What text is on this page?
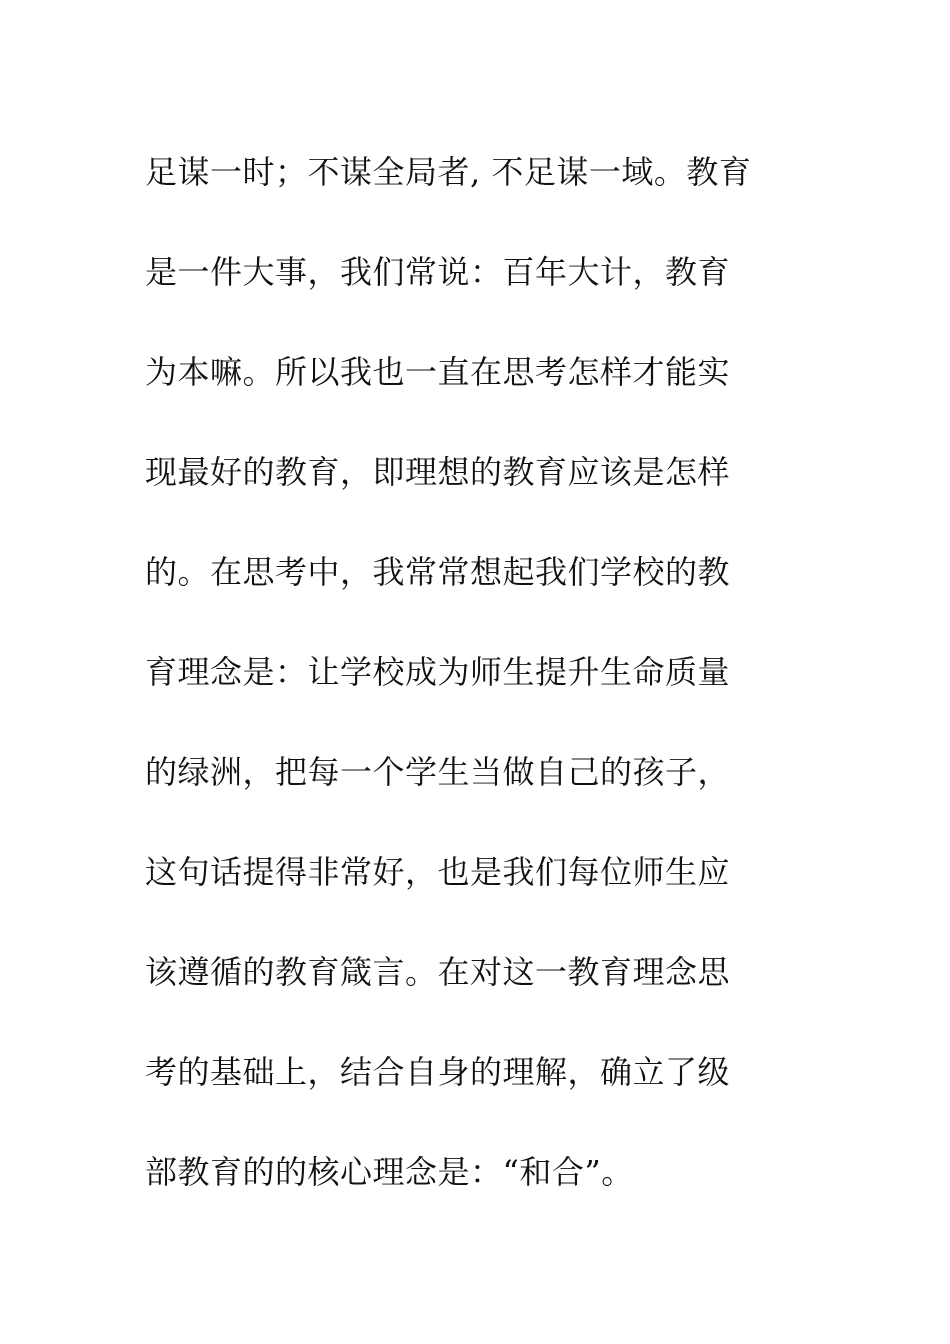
足谋一时；不谋全局者, 不足谋一域。教育
是一件大事，我们常说：百年大计，教育
为本嘛。所以我也一直在思考怎样才能实
现最好的教育，即理想的教育应该是怎样
的。在思考中，我常常想起我们学校的教
育理念是：让学校成为师生提升生命质量
的绿洲，把每一个学生当做自己的孩子，
这句话提得非常好，也是我们每位师生应
该遵循的教育箴言。在对这一教育理念思
考的基础上，结合自身的理解，确立了级
部教育的的核心理念是：“和合”。
